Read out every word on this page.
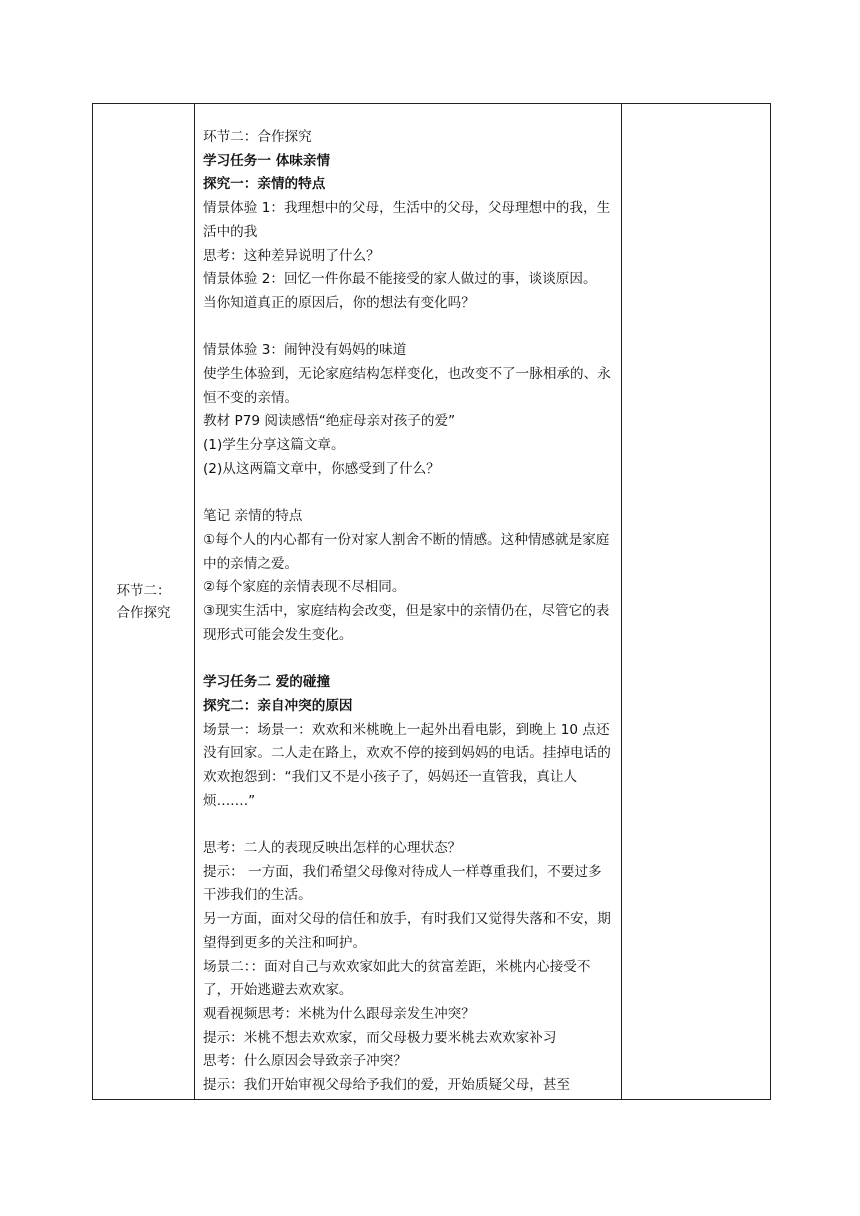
环节二：
合作探究

环节二：合作探究

学习任务一 体味亲情

探究一：亲情的特点

情景体验 1：我理想中的父母，生活中的父母，父母理想中的我，生活中的我

思考：这种差异说明了什么？

情景体验 2：回忆一件你最不能接受的家人做过的事，谈谈原因。

当你知道真正的原因后，你的想法有变化吗？

情景体验 3：闹钟没有妈妈的味道

使学生体验到，无论家庭结构怎样变化，也改变不了一脉相承的、永恒不变的亲情。

教材 P79 阅读感悟“绝症母亲对孩子的爱”

(1)学生分享这篇文章。

(2)从这两篇文章中，你感受到了什么？

笔记 亲情的特点

①每个人的内心都有一份对家人割舍不断的情感。这种情感就是家庭中的亲情之爱。

②每个家庭的亲情表现不尽相同。

③现实生活中，家庭结构会改变，但是家中的亲情仍在，尽管它的表现形式可能会发生变化。

学习任务二 爱的碰撞

探究二：亲自冲突的原因

场景一：场景一：欢欢和米桃晚上一起外出看电影，到晚上 10 点还没有回家。二人走在路上，欢欢不停的接到妈妈的电话。挂掉电话的欢欢抱怨到：“我们又不是小孩子了，妈妈还一直管我，真让人烦…….”

思考：二人的表现反映出怎样的心理状态？

提示： 一方面，我们希望父母像对待成人一样尊重我们，不要过多干涉我们的生活。

另一方面，面对父母的信任和放手，有时我们又觉得失落和不安，期望得到更多的关注和呵护。

场景二：：面对自己与欢欢家如此大的贫富差距，米桃内心接受不了，开始逃避去欢欢家。

观看视频思考：米桃为什么跟母亲发生冲突？

提示：米桃不想去欢欢家，而父母极力要米桃去欢欢家补习

思考：什么原因会导致亲子冲突？

提示：我们开始审视父母给予我们的爱，开始质疑父母，甚至
